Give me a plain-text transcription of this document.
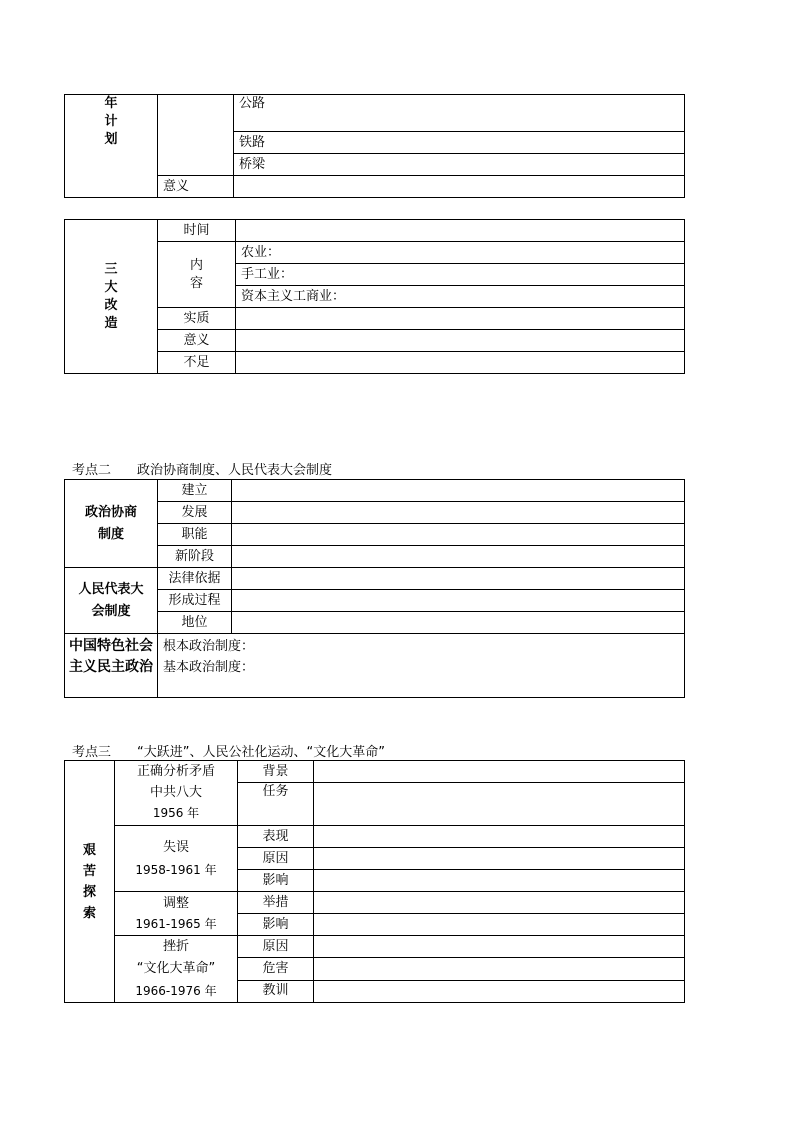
年
计
划		公路
		铁路
		桥梁
	意义	
三
大
改
造	时间	

	内
容	农业：
		手工业：
		资本主义工商业：
	实质	
	意义	
	不足	
考点二　　政治协商制度、人民代表大会制度
政治协商制度	建立	
	发展	
	职能	
	新阶段	
人民代表大会制度	法律依据	
	形成过程	
	地位	
中国特色社会主义民主政治	根本政治制度：
基本政治制度：	
考点三　　“大跃进”、人民公社化运动、“文化大革命”
艰
苦
探
索	正确分析矛盾
中共八大
1956 年	背景	
		任务	

	失误
1958-1961 年	表现	
		原因	
		影响	

	调整
1961-1965 年	举措	
		影响	

	挫折
“文化大革命”
1966-1976 年	原因	
		危害	
		教训	
